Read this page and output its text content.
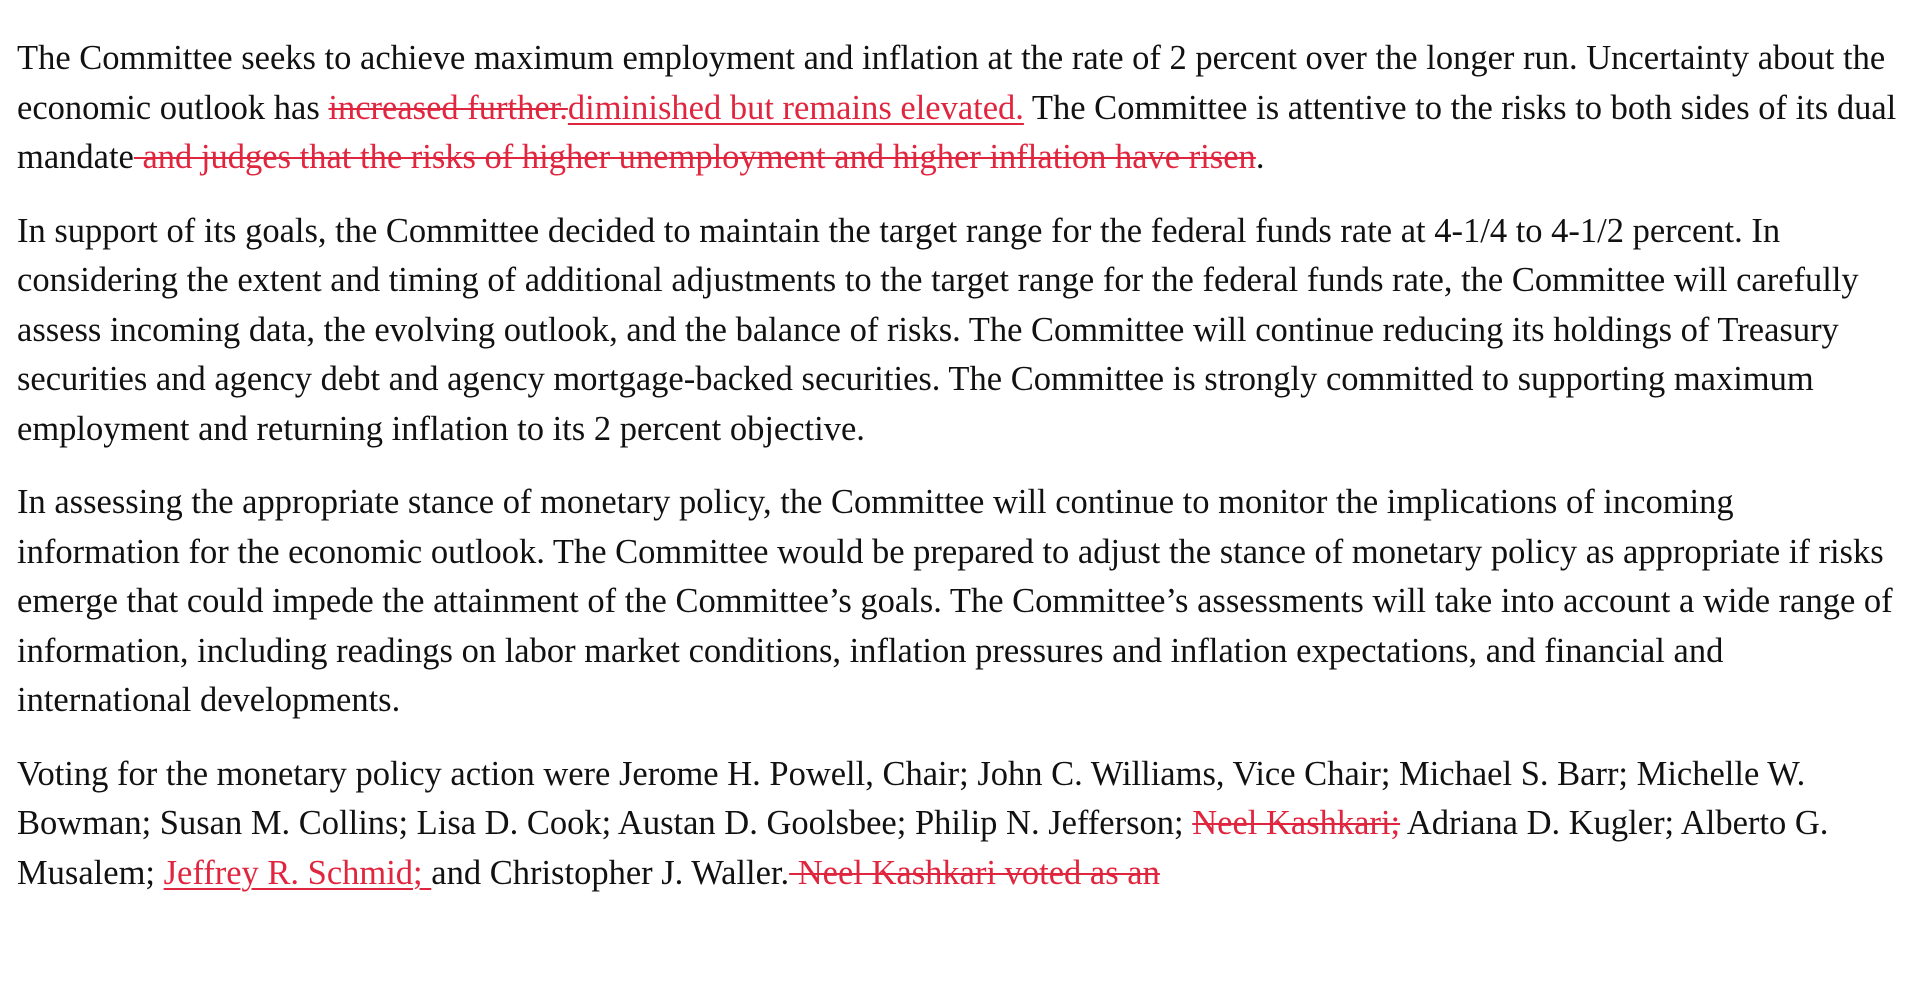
The Committee seeks to achieve maximum employment and inflation at the rate of 2 percent over the longer run. Uncertainty about the economic outlook has increased further.diminished but remains elevated. The Committee is attentive to the risks to both sides of its dual mandate and judges that the risks of higher unemployment and higher inflation have risen.

In support of its goals, the Committee decided to maintain the target range for the federal funds rate at 4-1/4 to 4-1/2 percent. In considering the extent and timing of additional adjustments to the target range for the federal funds rate, the Committee will carefully assess incoming data, the evolving outlook, and the balance of risks. The Committee will continue reducing its holdings of Treasury securities and agency debt and agency mortgage-backed securities. The Committee is strongly committed to supporting maximum employment and returning inflation to its 2 percent objective.

In assessing the appropriate stance of monetary policy, the Committee will continue to monitor the implications of incoming information for the economic outlook. The Committee would be prepared to adjust the stance of monetary policy as appropriate if risks emerge that could impede the attainment of the Committee’s goals. The Committee’s assessments will take into account a wide range of information, including readings on labor market conditions, inflation pressures and inflation expectations, and financial and international developments.

Voting for the monetary policy action were Jerome H. Powell, Chair; John C. Williams, Vice Chair; Michael S. Barr; Michelle W. Bowman; Susan M. Collins; Lisa D. Cook; Austan D. Goolsbee; Philip N. Jefferson; Neel Kashkari; Adriana D. Kugler; Alberto G. Musalem; Jeffrey R. Schmid; and Christopher J. Waller. Neel Kashkari voted as an
